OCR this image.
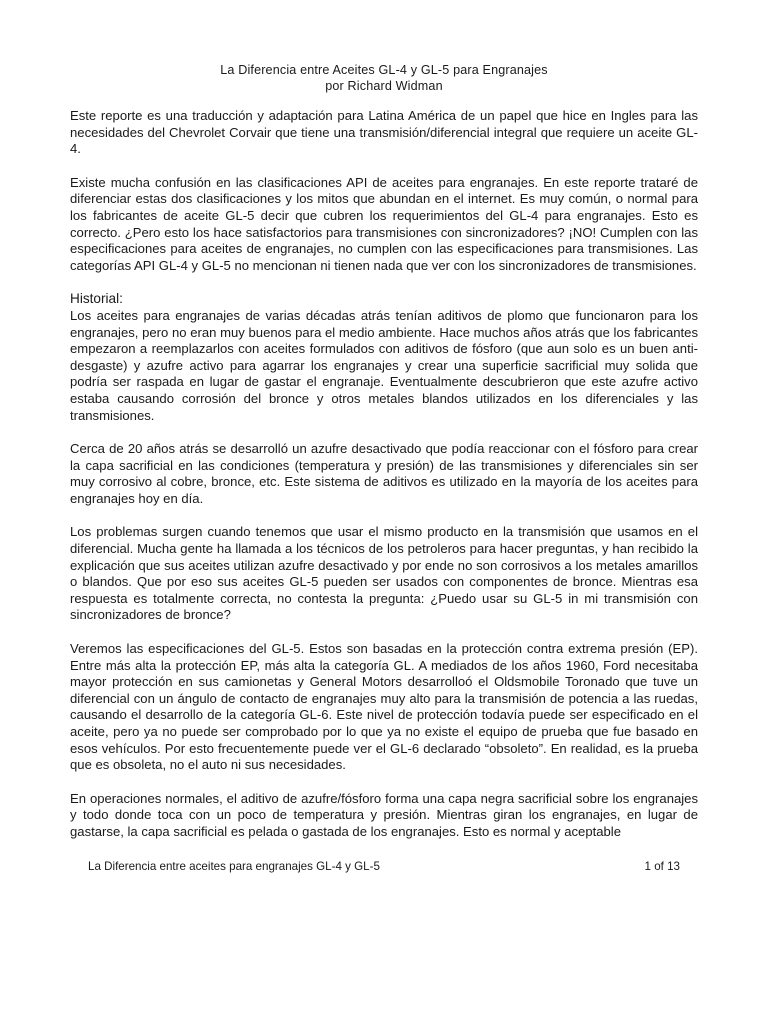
La Diferencia entre Aceites GL-4 y GL-5 para Engranajes
por Richard Widman

Este reporte es una traducción y adaptación para Latina América de un papel que hice en Ingles para las necesidades del Chevrolet Corvair que tiene una transmisión/diferencial integral que requiere un aceite GL-4.

Existe mucha confusión en las clasificaciones API de aceites para engranajes. En este reporte trataré de diferenciar estas dos clasificaciones y los mitos que abundan en el internet. Es muy común, o normal para los fabricantes de aceite GL-5 decir que cubren los requerimientos del GL-4 para engranajes. Esto es correcto. ¿Pero esto los hace satisfactorios para transmisiones con sincronizadores? ¡NO! Cumplen con las especificaciones para aceites de engranajes, no cumplen con las especificaciones para transmisiones. Las categorías API GL-4 y GL-5 no mencionan ni tienen nada que ver con los sincronizadores de transmisiones.

Historial:

Los aceites para engranajes de varias décadas atrás tenían aditivos de plomo que funcionaron para los engranajes, pero no eran muy buenos para el medio ambiente. Hace muchos años atrás que los fabricantes empezaron a reemplazarlos con aceites formulados con aditivos de fósforo (que aun solo es un buen anti-desgaste) y azufre activo para agarrar los engranajes y crear una superficie sacrificial muy solida que podría ser raspada en lugar de gastar el engranaje. Eventualmente descubrieron que este azufre activo estaba causando corrosión del bronce y otros metales blandos utilizados en los diferenciales y las transmisiones.

Cerca de 20 años atrás se desarrolló un azufre desactivado que podía reaccionar con el fósforo para crear la capa sacrificial en las condiciones (temperatura y presión) de las transmisiones y diferenciales sin ser muy corrosivo al cobre, bronce, etc. Este sistema de aditivos es utilizado en la mayoría de los aceites para engranajes hoy en día.

Los problemas surgen cuando tenemos que usar el mismo producto en la transmisión que usamos en el diferencial. Mucha gente ha llamada a los técnicos de los petroleros para hacer preguntas, y han recibido la explicación que sus aceites utilizan azufre desactivado y por ende no son corrosivos a los metales amarillos o blandos. Que por eso sus aceites GL-5 pueden ser usados con componentes de bronce. Mientras esa respuesta es totalmente correcta, no contesta la pregunta: ¿Puedo usar su GL-5 in mi transmisión con sincronizadores de bronce?

Veremos las especificaciones del GL-5. Estos son basadas en la protección contra extrema presión (EP). Entre más alta la protección EP, más alta la categoría GL. A mediados de los años 1960, Ford necesitaba mayor protección en sus camionetas y General Motors desarrolloó el Oldsmobile Toronado que tuve un diferencial con un ángulo de contacto de engranajes muy alto para la transmisión de potencia a las ruedas, causando el desarrollo de la categoría GL-6. Este nivel de protección todavía puede ser especificado en el aceite, pero ya no puede ser comprobado por lo que ya no existe el equipo de prueba que fue basado en esos vehículos. Por esto frecuentemente puede ver el GL-6 declarado “obsoleto”. En realidad, es la prueba que es obsoleta, no el auto ni sus necesidades.

En operaciones normales, el aditivo de azufre/fósforo forma una capa negra sacrificial sobre los engranajes y todo donde toca con un poco de temperatura y presión. Mientras giran los engranajes, en lugar de gastarse, la capa sacrificial es pelada o gastada de los engranajes. Esto es normal y aceptable

La Diferencia entre aceites para engranajes GL-4 y GL-5	1 of 13
